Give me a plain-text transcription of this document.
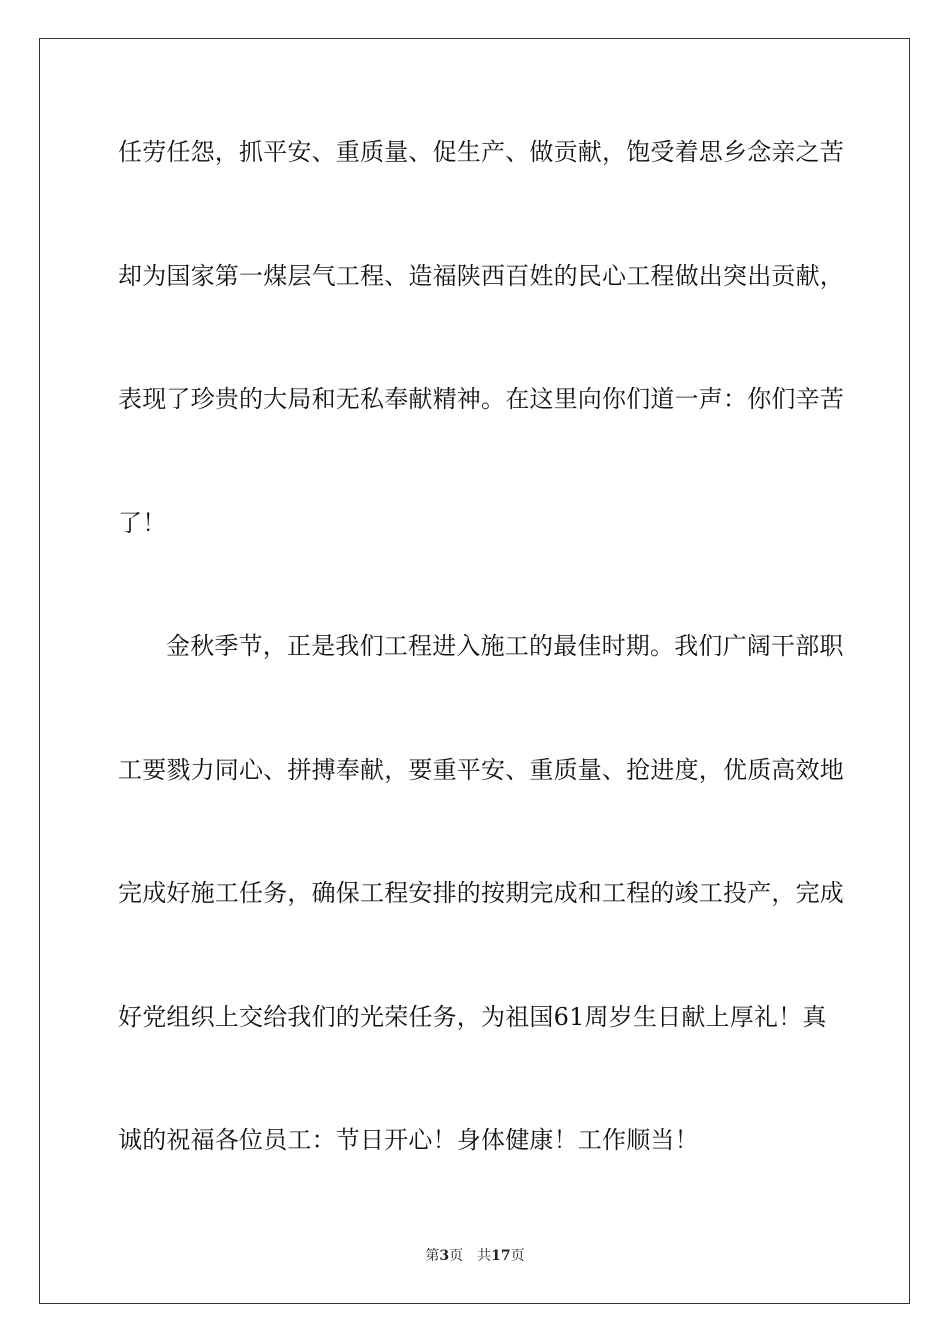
任劳任怨，抓平安、重质量、促生产、做贡献，饱受着思乡念亲之苦
却为国家第一煤层气工程、造福陕西百姓的民心工程做出突出贡献，
表现了珍贵的大局和无私奉献精神。在这里向你们道一声：你们辛苦
了！
金秋季节，正是我们工程进入施工的最佳时期。我们广阔干部职
工要戮力同心、拼搏奉献，要重平安、重质量、抢进度，优质高效地
完成好施工任务，确保工程安排的按期完成和工程的竣工投产，完成
好党组织上交给我们的光荣任务，为祖国61周岁生日献上厚礼！真
诚的祝福各位员工：节日开心！身体健康！工作顺当！
第3页 共17页
